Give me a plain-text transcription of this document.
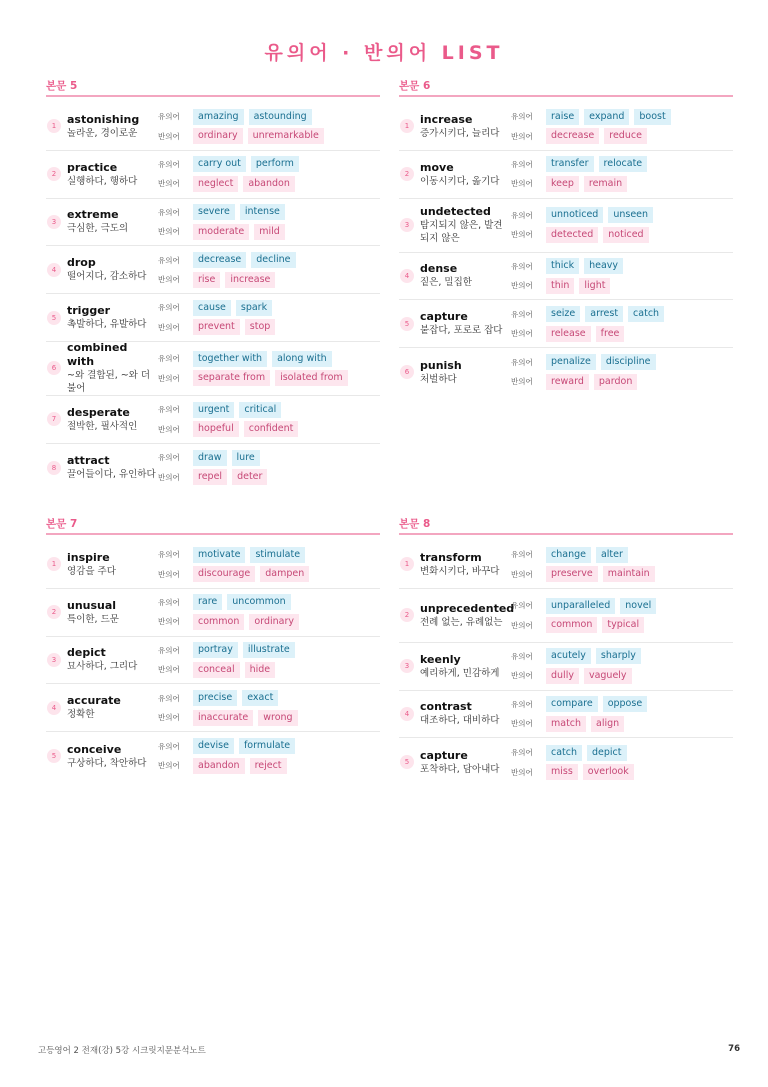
유의어 · 반의어 LIST
본문 5
1
astonishing
놀라운, 경이로운
유의어	amazing	astounding
반의어	ordinary	unremarkable
2
practice
실행하다, 행하다
유의어	carry out	perform
반의어	neglect	abandon
3
extreme
극심한, 극도의
유의어	severe	intense
반의어	moderate	mild
4
drop
떨어지다, 감소하다
유의어	decrease	decline
반의어	rise	increase
5
trigger
촉발하다, 유발하다
유의어	cause	spark
반의어	prevent	stop
6
combined with
~와 결합된, ~와 더불어
유의어	together with	along with
반의어	separate from	isolated from
7
desperate
절박한, 필사적인
유의어	urgent	critical
반의어	hopeful	confident
8
attract
끌어들이다, 유인하다
유의어	draw	lure
반의어	repel	deter
본문 6
1
increase
증가시키다, 늘리다
유의어	raise	expand	boost
반의어	decrease	reduce
2
move
이동시키다, 옮기다
유의어	transfer	relocate
반의어	keep	remain
3
undetected
탐지되지 않은, 발견되지 않은
유의어	unnoticed	unseen
반의어	detected	noticed
4
dense
짙은, 밀집한
유의어	thick	heavy
반의어	thin	light
5
capture
붙잡다, 포로로 잡다
유의어	seize	arrest	catch
반의어	release	free
6
punish
처벌하다
유의어	penalize	discipline
반의어	reward	pardon
본문 7
1
inspire
영감을 주다
유의어	motivate	stimulate
반의어	discourage	dampen
2
unusual
특이한, 드문
유의어	rare	uncommon
반의어	common	ordinary
3
depict
묘사하다, 그리다
유의어	portray	illustrate
반의어	conceal	hide
4
accurate
정확한
유의어	precise	exact
반의어	inaccurate	wrong
5
conceive
구상하다, 착안하다
유의어	devise	formulate
반의어	abandon	reject
본문 8
1
transform
변화시키다, 바꾸다
유의어	change	alter
반의어	preserve	maintain
2
unprecedented
전례 없는, 유례없는
유의어	unparalleled	novel
반의어	common	typical
3
keenly
예리하게, 민감하게
유의어	acutely	sharply
반의어	dully	vaguely
4
contrast
대조하다, 대비하다
유의어	compare	oppose
반의어	match	align
5
capture
포착하다, 담아내다
유의어	catch	depict
반의어	miss	overlook
고등영어 2 전재(강) 5강 시크릿지문분석노트	76
